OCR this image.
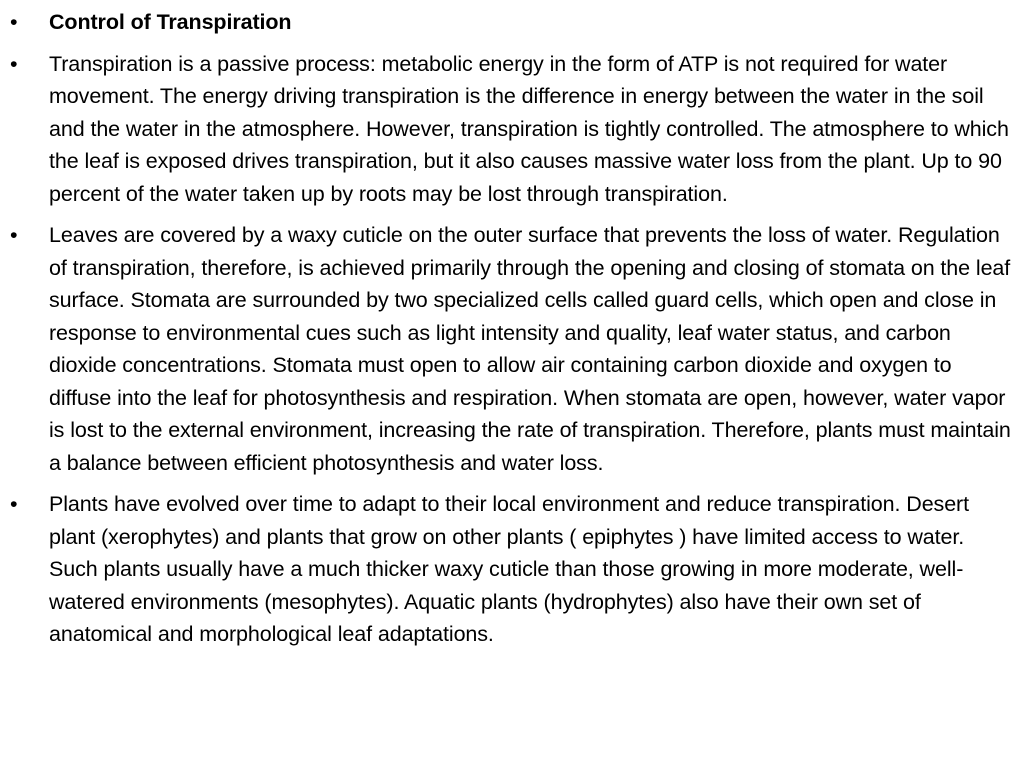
•	Control of Transpiration
•	Transpiration is a passive process: metabolic energy in the form of ATP is not required for water movement. The energy driving transpiration is the difference in energy between the water in the soil and the water in the atmosphere. However, transpiration is tightly controlled. The atmosphere to which the leaf is exposed drives transpiration, but it also causes massive water loss from the plant. Up to 90 percent of the water taken up by roots may be lost through transpiration.
•	Leaves are covered by a waxy cuticle on the outer surface that prevents the loss of water. Regulation of transpiration, therefore, is achieved primarily through the opening and closing of stomata on the leaf surface. Stomata are surrounded by two specialized cells called guard cells, which open and close in response to environmental cues such as light intensity and quality, leaf water status, and carbon dioxide concentrations. Stomata must open to allow air containing carbon dioxide and oxygen to diffuse into the leaf for photosynthesis and respiration. When stomata are open, however, water vapor is lost to the external environment, increasing the rate of transpiration. Therefore, plants must maintain a balance between efficient photosynthesis and water loss.
•	Plants have evolved over time to adapt to their local environment and reduce transpiration. Desert plant (xerophytes) and plants that grow on other plants ( epiphytes ) have limited access to water. Such plants usually have a much thicker waxy cuticle than those growing in more moderate, well-watered environments (mesophytes). Aquatic plants (hydrophytes) also have their own set of anatomical and morphological leaf adaptations.
